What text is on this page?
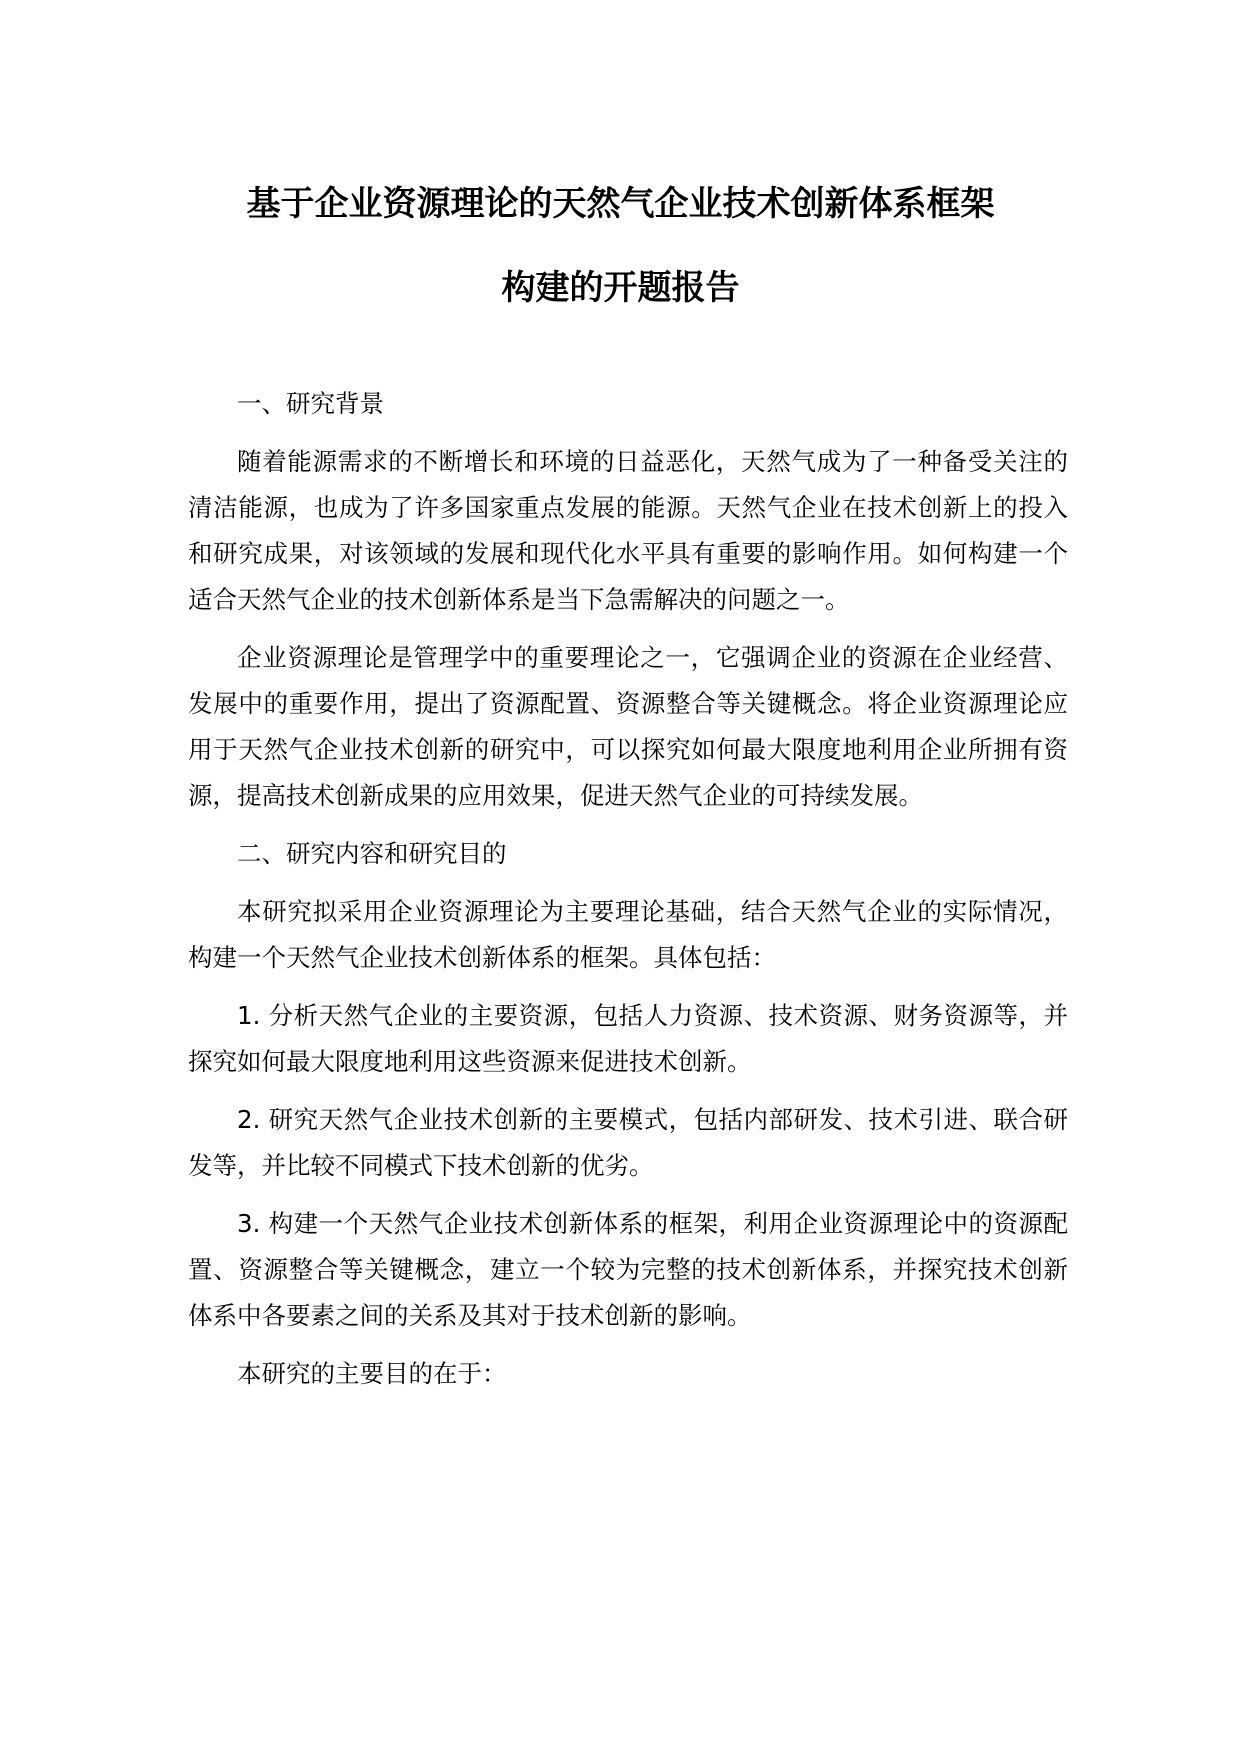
基于企业资源理论的天然气企业技术创新体系框架
构建的开题报告

一、研究背景

随着能源需求的不断增长和环境的日益恶化，天然气成为了一种备受关注的清洁能源，也成为了许多国家重点发展的能源。天然气企业在技术创新上的投入和研究成果，对该领域的发展和现代化水平具有重要的影响作用。如何构建一个适合天然气企业的技术创新体系是当下急需解决的问题之一。

企业资源理论是管理学中的重要理论之一，它强调企业的资源在企业经营、发展中的重要作用，提出了资源配置、资源整合等关键概念。将企业资源理论应用于天然气企业技术创新的研究中，可以探究如何最大限度地利用企业所拥有资源，提高技术创新成果的应用效果，促进天然气企业的可持续发展。

二、研究内容和研究目的

本研究拟采用企业资源理论为主要理论基础，结合天然气企业的实际情况，构建一个天然气企业技术创新体系的框架。具体包括：

1. 分析天然气企业的主要资源，包括人力资源、技术资源、财务资源等，并探究如何最大限度地利用这些资源来促进技术创新。

2. 研究天然气企业技术创新的主要模式，包括内部研发、技术引进、联合研发等，并比较不同模式下技术创新的优劣。

3. 构建一个天然气企业技术创新体系的框架，利用企业资源理论中的资源配置、资源整合等关键概念，建立一个较为完整的技术创新体系，并探究技术创新体系中各要素之间的关系及其对于技术创新的影响。

本研究的主要目的在于：
